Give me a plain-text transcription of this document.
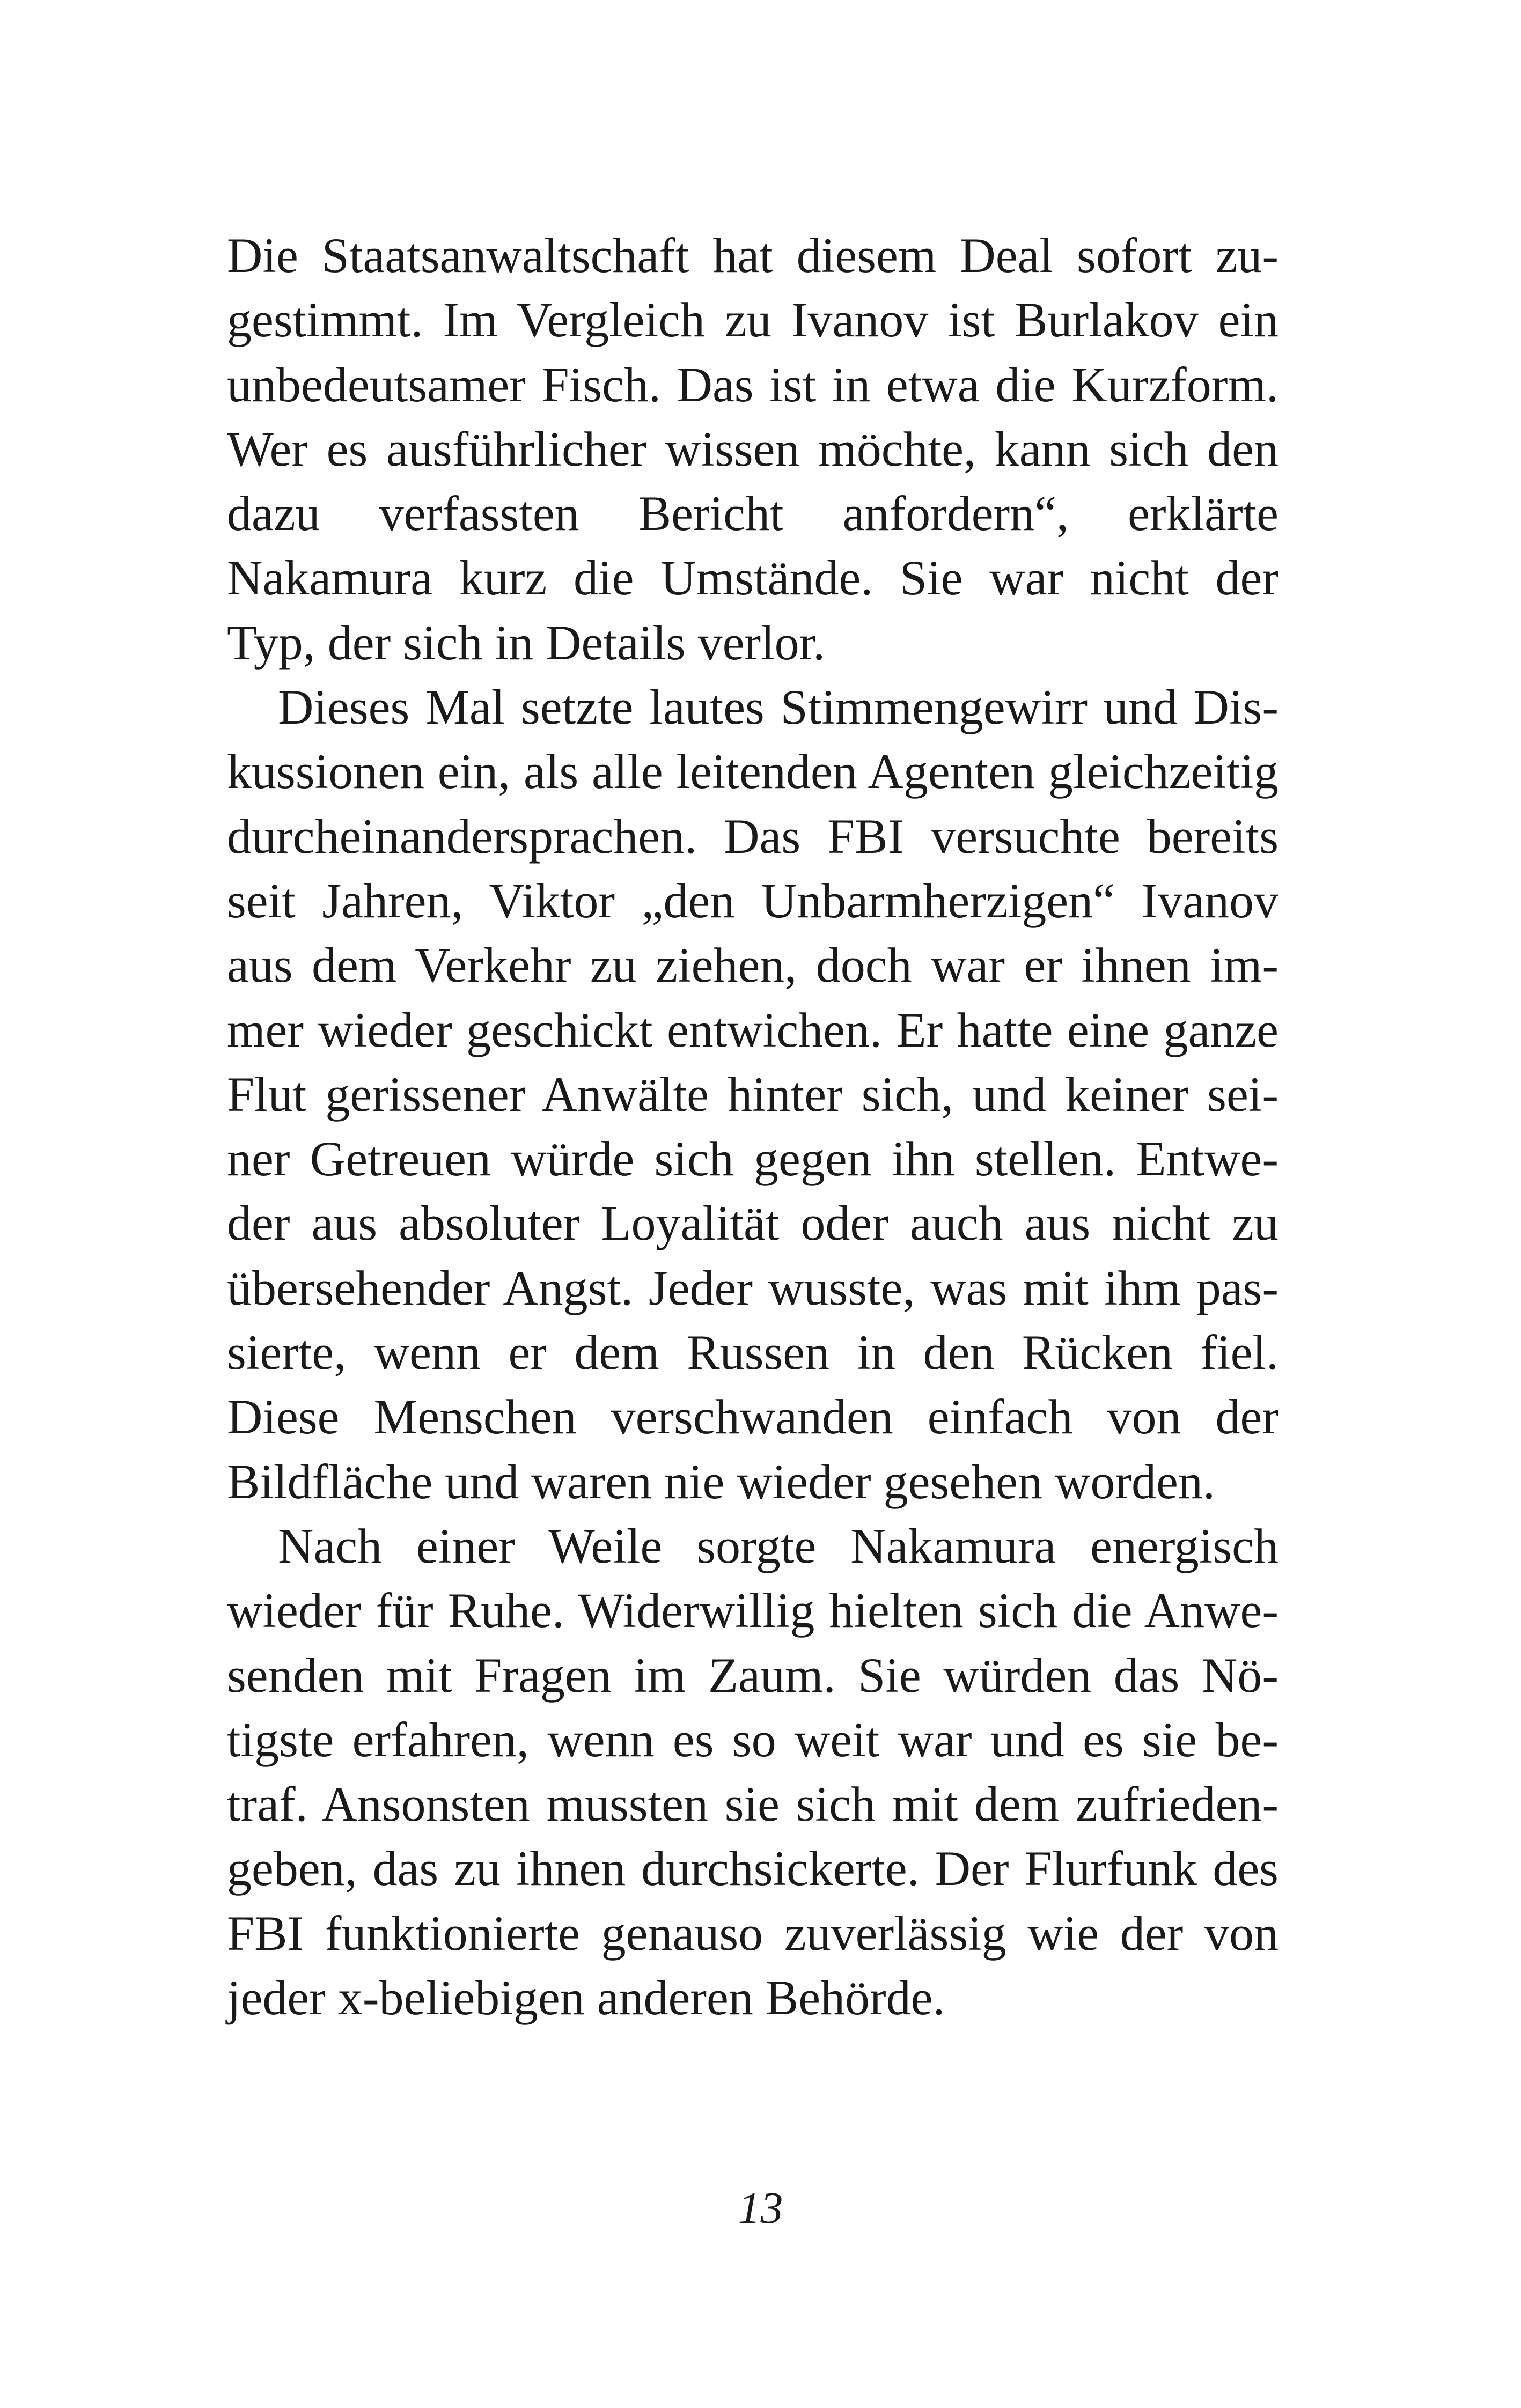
Die Staatsanwaltschaft hat diesem Deal sofort zu-
gestimmt. Im Vergleich zu Ivanov ist Burlakov ein
unbedeutsamer Fisch. Das ist in etwa die Kurzform.
Wer es ausführlicher wissen möchte, kann sich den
dazu verfassten Bericht anfordern“, erklärte
Nakamura kurz die Umstände. Sie war nicht der
Typ, der sich in Details verlor.
Dieses Mal setzte lautes Stimmengewirr und Dis-
kussionen ein, als alle leitenden Agenten gleichzeitig
durcheinandersprachen. Das FBI versuchte bereits
seit Jahren, Viktor „den Unbarmherzigen“ Ivanov
aus dem Verkehr zu ziehen, doch war er ihnen im-
mer wieder geschickt entwichen. Er hatte eine ganze
Flut gerissener Anwälte hinter sich, und keiner sei-
ner Getreuen würde sich gegen ihn stellen. Entwe-
der aus absoluter Loyalität oder auch aus nicht zu
übersehender Angst. Jeder wusste, was mit ihm pas-
sierte, wenn er dem Russen in den Rücken fiel.
Diese Menschen verschwanden einfach von der
Bildfläche und waren nie wieder gesehen worden.
Nach einer Weile sorgte Nakamura energisch
wieder für Ruhe. Widerwillig hielten sich die Anwe-
senden mit Fragen im Zaum. Sie würden das Nö-
tigste erfahren, wenn es so weit war und es sie be-
traf. Ansonsten mussten sie sich mit dem zufrieden-
geben, das zu ihnen durchsickerte. Der Flurfunk des
FBI funktionierte genauso zuverlässig wie der von
jeder x-beliebigen anderen Behörde.
13
